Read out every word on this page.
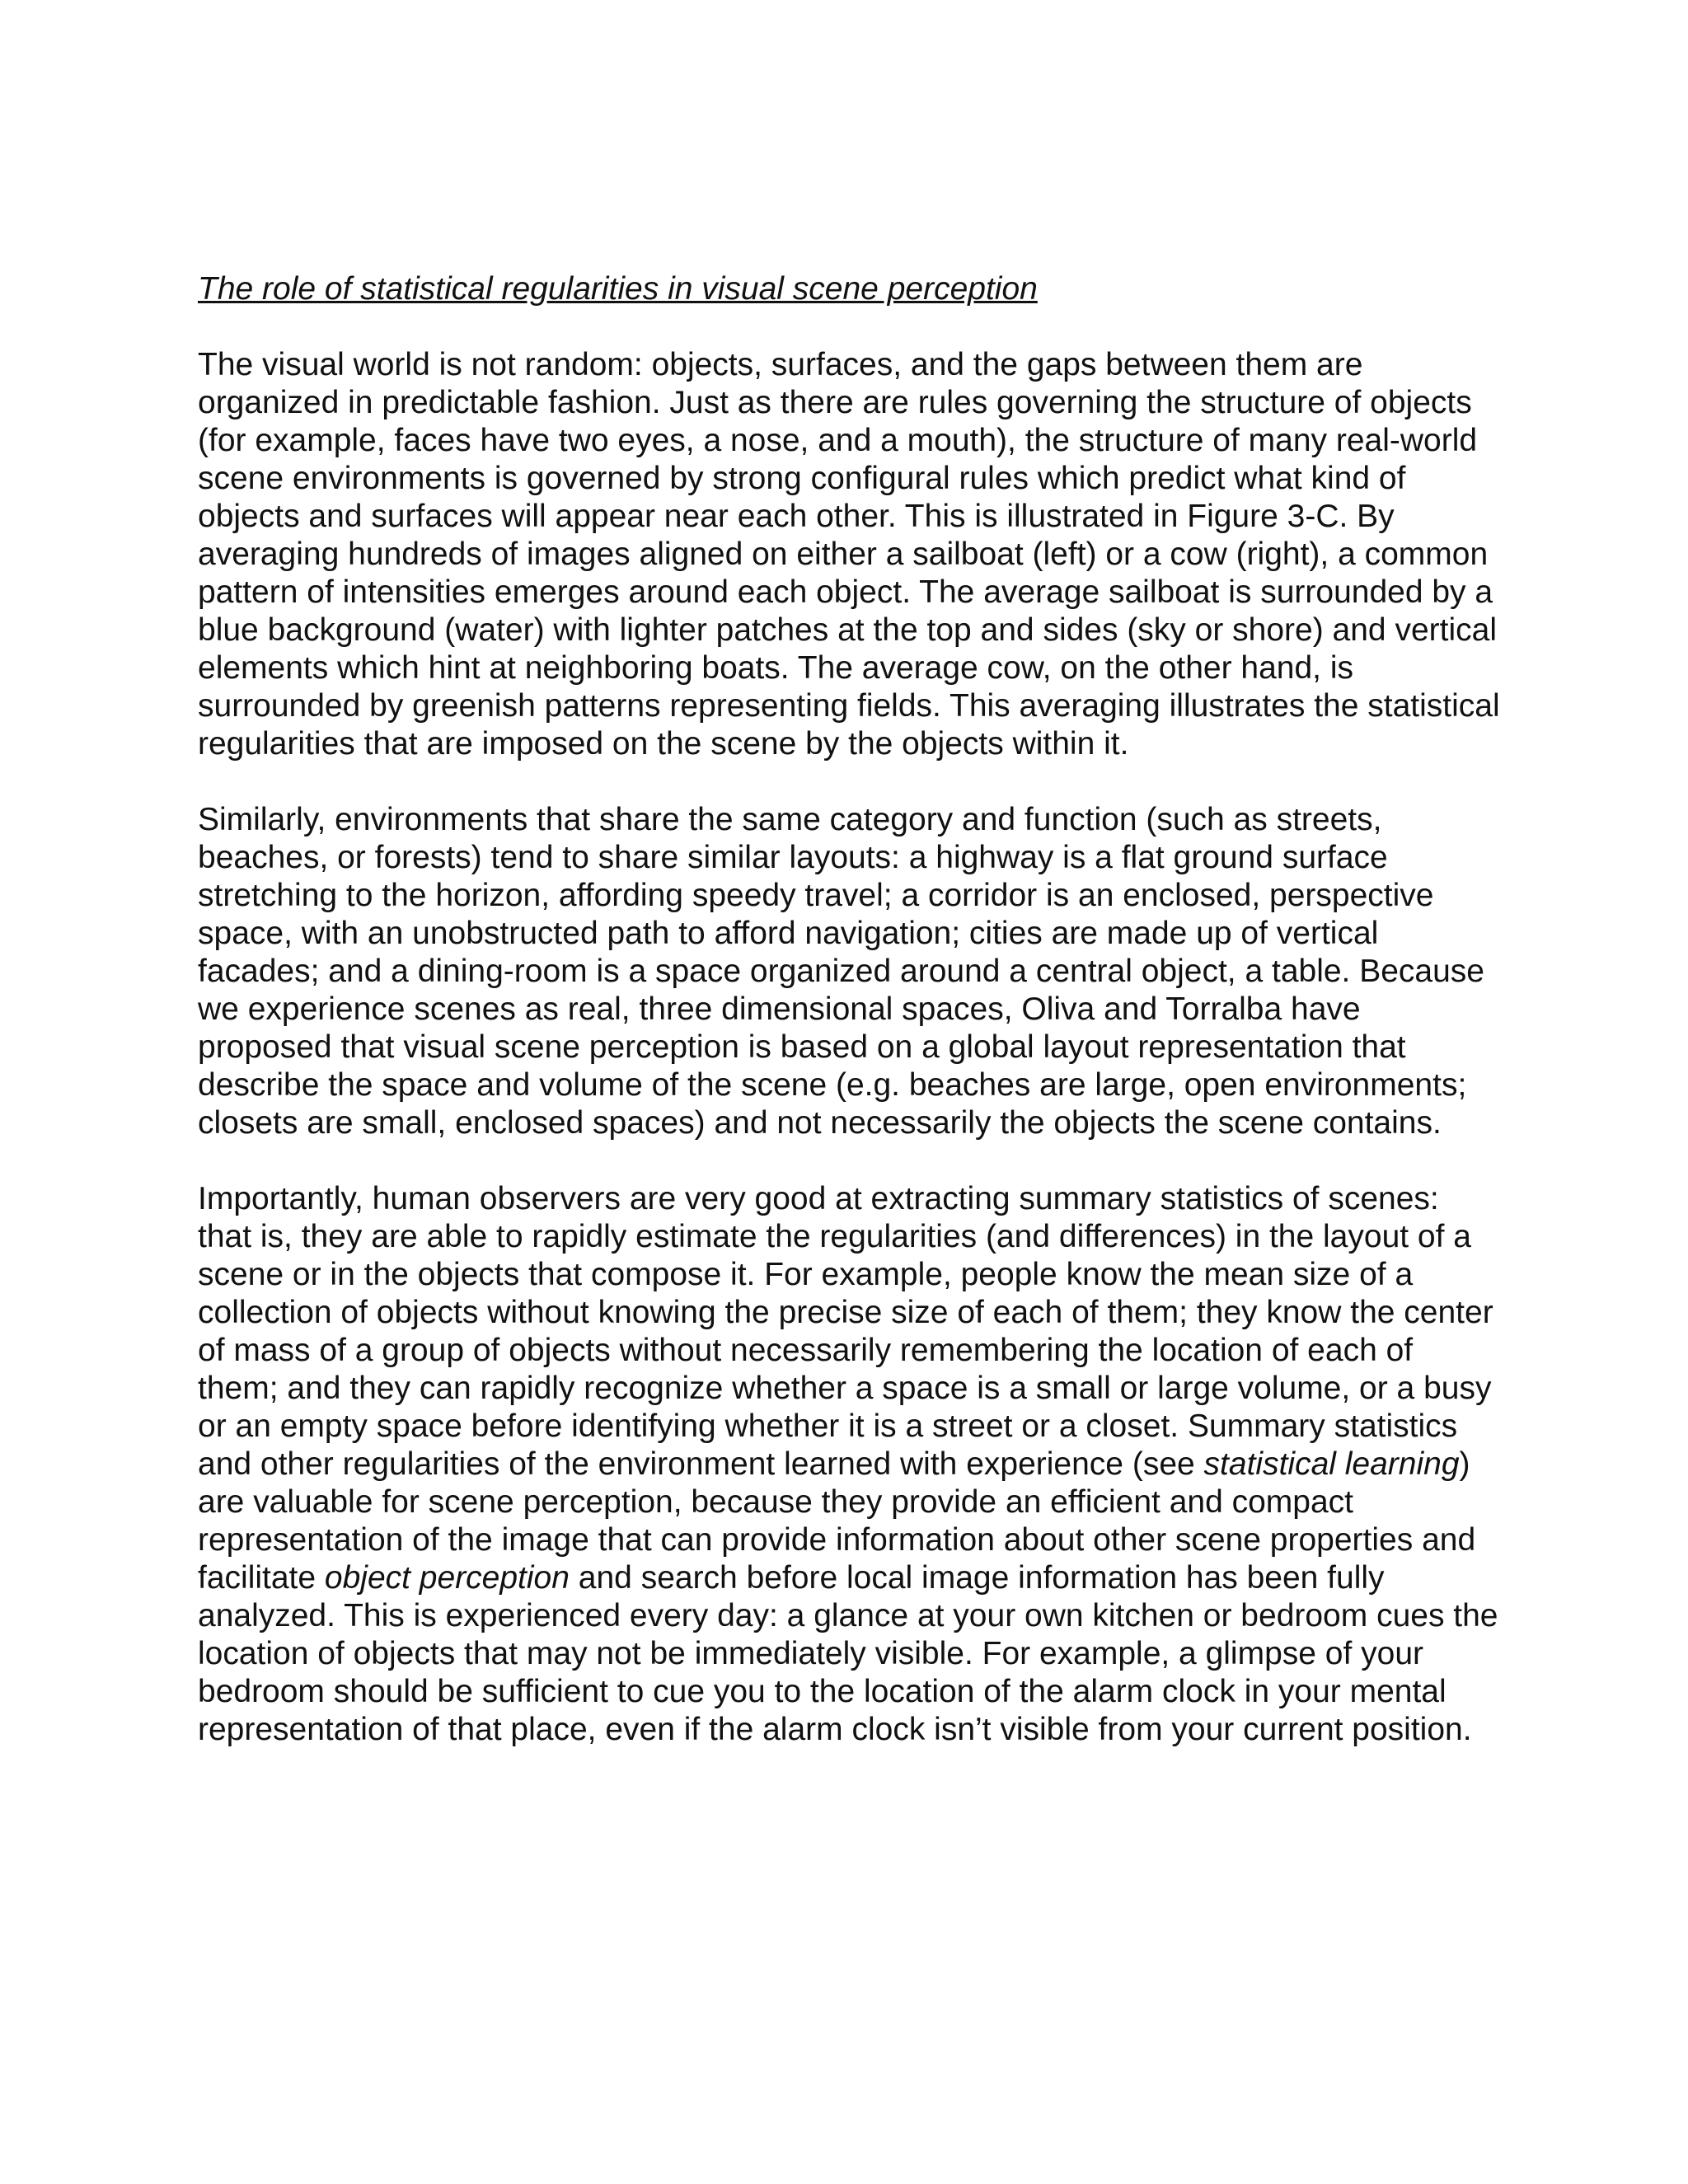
The role of statistical regularities in visual scene perception

The visual world is not random: objects, surfaces, and the gaps between them are organized in predictable fashion. Just as there are rules governing the structure of objects (for example, faces have two eyes, a nose, and a mouth), the structure of many real-world scene environments is governed by strong configural rules which predict what kind of objects and surfaces will appear near each other. This is illustrated in Figure 3-C. By averaging hundreds of images aligned on either a sailboat (left) or a cow (right), a common pattern of intensities emerges around each object. The average sailboat is surrounded by a blue background (water) with lighter patches at the top and sides (sky or shore) and vertical elements which hint at neighboring boats. The average cow, on the other hand, is surrounded by greenish patterns representing fields. This averaging illustrates the statistical regularities that are imposed on the scene by the objects within it.

Similarly, environments that share the same category and function (such as streets, beaches, or forests) tend to share similar layouts: a highway is a flat ground surface stretching to the horizon, affording speedy travel; a corridor is an enclosed, perspective space, with an unobstructed path to afford navigation; cities are made up of vertical facades; and a dining-room is a space organized around a central object, a table. Because we experience scenes as real, three dimensional spaces, Oliva and Torralba have proposed that visual scene perception is based on a global layout representation that describe the space and volume of the scene (e.g. beaches are large, open environments; closets are small, enclosed spaces) and not necessarily the objects the scene contains.

Importantly, human observers are very good at extracting summary statistics of scenes: that is, they are able to rapidly estimate the regularities (and differences) in the layout of a scene or in the objects that compose it. For example, people know the mean size of a collection of objects without knowing the precise size of each of them; they know the center of mass of a group of objects without necessarily remembering the location of each of them; and they can rapidly recognize whether a space is a small or large volume, or a busy or an empty space before identifying whether it is a street or a closet. Summary statistics and other regularities of the environment learned with experience (see statistical learning) are valuable for scene perception, because they provide an efficient and compact representation of the image that can provide information about other scene properties and facilitate object perception and search before local image information has been fully analyzed. This is experienced every day: a glance at your own kitchen or bedroom cues the location of objects that may not be immediately visible. For example, a glimpse of your bedroom should be sufficient to cue you to the location of the alarm clock in your mental representation of that place, even if the alarm clock isn’t visible from your current position.
